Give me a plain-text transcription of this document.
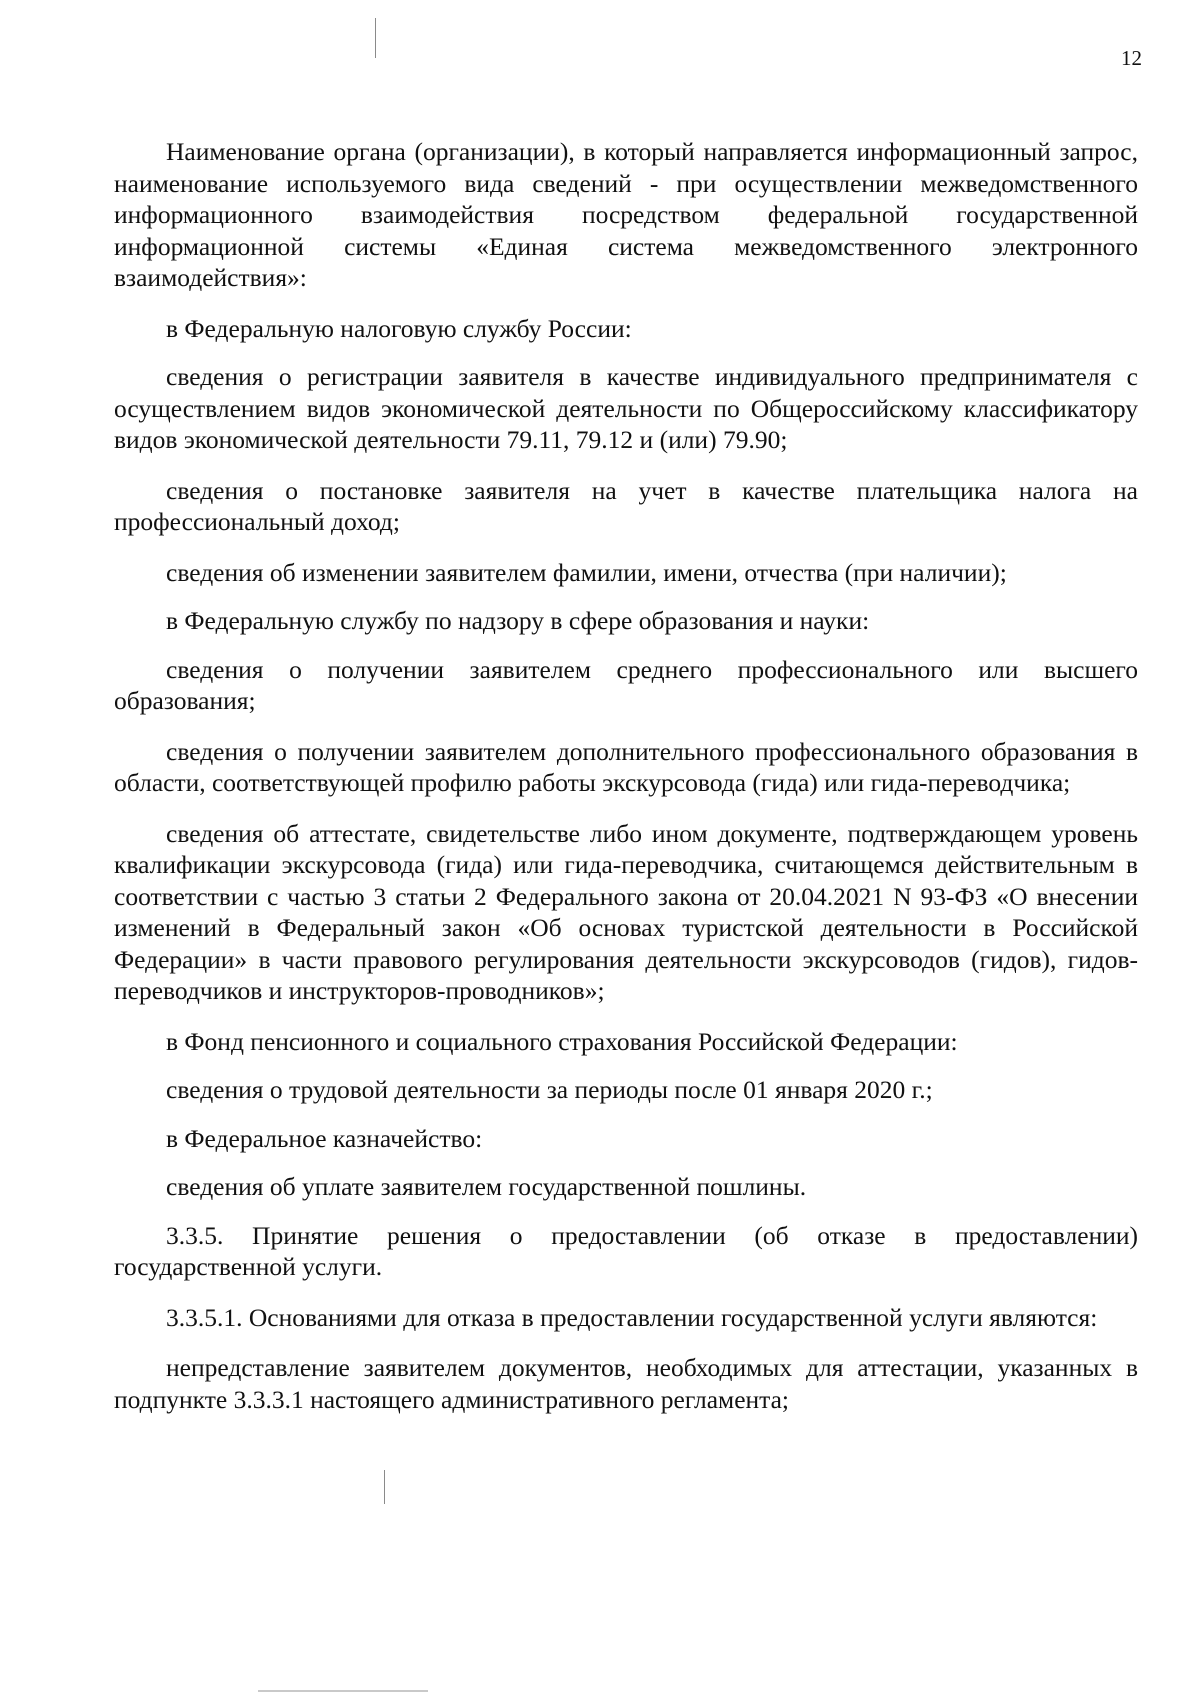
12

Наименование органа (организации), в который направляется информационный запрос, наименование используемого вида сведений - при осуществлении межведомственного информационного взаимодействия посредством федеральной государственной информационной системы «Единая система межведомственного электронного взаимодействия»:

в Федеральную налоговую службу России:

сведения о регистрации заявителя в качестве индивидуального предпринимателя с осуществлением видов экономической деятельности по Общероссийскому классификатору видов экономической деятельности 79.11, 79.12 и (или) 79.90;

сведения о постановке заявителя на учет в качестве плательщика налога на профессиональный доход;

сведения об изменении заявителем фамилии, имени, отчества (при наличии);

в Федеральную службу по надзору в сфере образования и науки:

сведения о получении заявителем среднего профессионального или высшего образования;

сведения о получении заявителем дополнительного профессионального образования в области, соответствующей профилю работы экскурсовода (гида) или гида-переводчика;

сведения об аттестате, свидетельстве либо ином документе, подтверждающем уровень квалификации экскурсовода (гида) или гида-переводчика, считающемся действительным в соответствии с частью 3 статьи 2 Федерального закона от 20.04.2021 N 93-ФЗ «О внесении изменений в Федеральный закон «Об основах туристской деятельности в Российской Федерации» в части правового регулирования деятельности экскурсоводов (гидов), гидов-переводчиков и инструкторов-проводников»;

в Фонд пенсионного и социального страхования Российской Федерации:

сведения о трудовой деятельности за периоды после 01 января 2020 г.;

в Федеральное казначейство:

сведения об уплате заявителем государственной пошлины.

3.3.5. Принятие решения о предоставлении (об отказе в предоставлении) государственной услуги.

3.3.5.1. Основаниями для отказа в предоставлении государственной услуги являются:

непредставление заявителем документов, необходимых для аттестации, указанных в подпункте 3.3.3.1 настоящего административного регламента;
